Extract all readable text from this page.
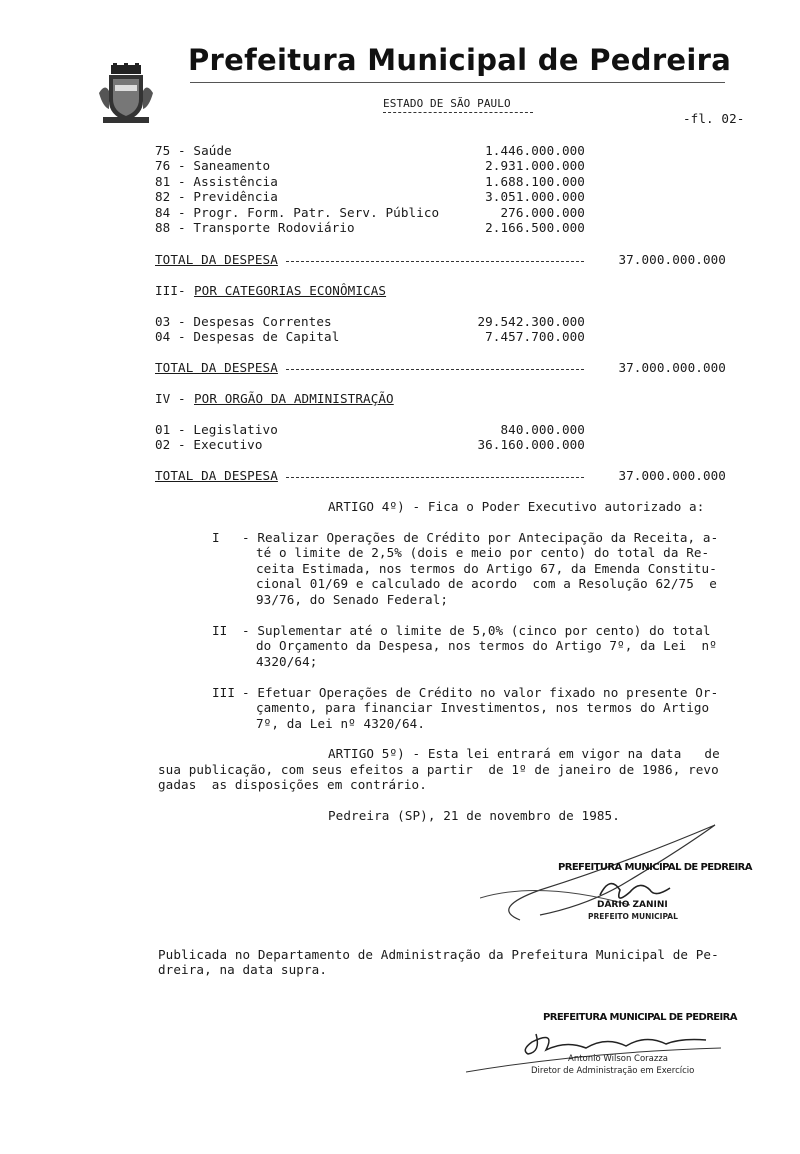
Prefeitura Municipal de Pedreira
ESTADO DE SÃO PAULO
-fl. 02-
75 - Saúde	1.446.000.000
76 - Saneamento	2.931.000.000
81 - Assistência	1.688.100.000
82 - Previdência	3.051.000.000
84 - Progr. Form. Patr. Serv. Público	276.000.000
88 - Transporte Rodoviário	2.166.500.000
TOTAL DA DESPESA	37.000.000.000
III- POR CATEGORIAS ECONÔMICAS
03 - Despesas Correntes	29.542.300.000
04 - Despesas de Capital	7.457.700.000
TOTAL DA DESPESA	37.000.000.000
IV - POR ORGÃO DA ADMINISTRAÇÃO
01 - Legislativo	840.000.000
02 - Executivo	36.160.000.000
TOTAL DA DESPESA	37.000.000.000
ARTIGO 4º) - Fica o Poder Executivo autorizado a:
I - Realizar Operações de Crédito por Antecipação da Receita, a-
té o limite de 2,5% (dois e meio por cento) do total da Re-
ceita Estimada, nos termos do Artigo 67, da Emenda Constitu-
cional 01/69 e calculado de acordo  com a Resolução 62/75  e
93/76, do Senado Federal;
II - Suplementar até o limite de 5,0% (cinco por cento) do total
do Orçamento da Despesa, nos termos do Artigo 7º, da Lei  nº
4320/64;
III - Efetuar Operações de Crédito no valor fixado no presente Or-
çamento, para financiar Investimentos, nos termos do Artigo
7º, da Lei nº 4320/64.
ARTIGO 5º) - Esta lei entrará em vigor na data   de
sua publicação, com seus efeitos a partir  de 1º de janeiro de 1986, revo
gadas  as disposições em contrário.
Pedreira (SP), 21 de novembro de 1985.
PREFEITURA MUNICIPAL DE PEDREIRA
DARIO ZANINI
PREFEITO MUNICIPAL
Publicada no Departamento de Administração da Prefeitura Municipal de Pe-
dreira, na data supra.
PREFEITURA MUNICIPAL DE PEDREIRA
Antonio Wilson Corazza
Diretor de Administração em Exercício
